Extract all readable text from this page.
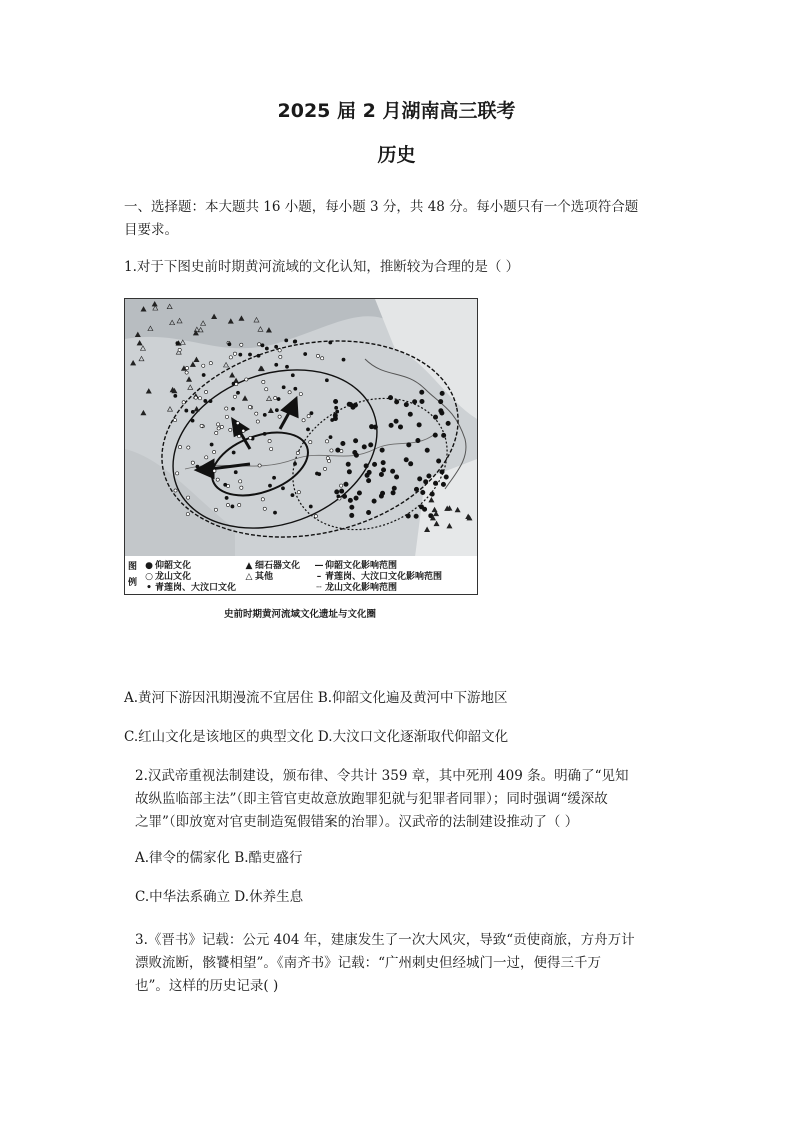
2025 届 2 月湖南高三联考
历史
一、选择题：本大题共 16 小题，每小题 3 分，共 48 分。每小题只有一个选项符合题
目要求。
1.对于下图史前时期黄河流域的文化认知，推断较为合理的是（ ）
图例
● 仰韶文化
○ 龙山文化
• 青莲岗、大汶口文化
▲ 细石器文化
△ 其他
— 仰韶文化影响范围
– 青莲岗、大汶口文化影响范围
┄ 龙山文化影响范围
史前时期黄河流域文化遗址与文化圈
A.黄河下游因汛期漫流不宜居住 B.仰韶文化遍及黄河中下游地区
C.红山文化是该地区的典型文化 D.大汶口文化逐渐取代仰韶文化
2.汉武帝重视法制建设，颁布律、令共计 359 章，其中死刑 409 条。明确了“见知
故纵监临部主法”（即主管官吏故意放跑罪犯就与犯罪者同罪）；同时强调“缓深故
之罪”（即放宽对官吏制造冤假错案的治罪）。汉武帝的法制建设推动了（ ）
A.律令的儒家化 B.酷吏盛行
C.中华法系确立 D.休养生息
3.《晋书》记载：公元 404 年，建康发生了一次大风灾，导致“贡使商旅，方舟万计
漂败流断，骸饕相望”。《南齐书》记载：“广州刺史但经城门一过，便得三千万
也”。这样的历史记录( )
